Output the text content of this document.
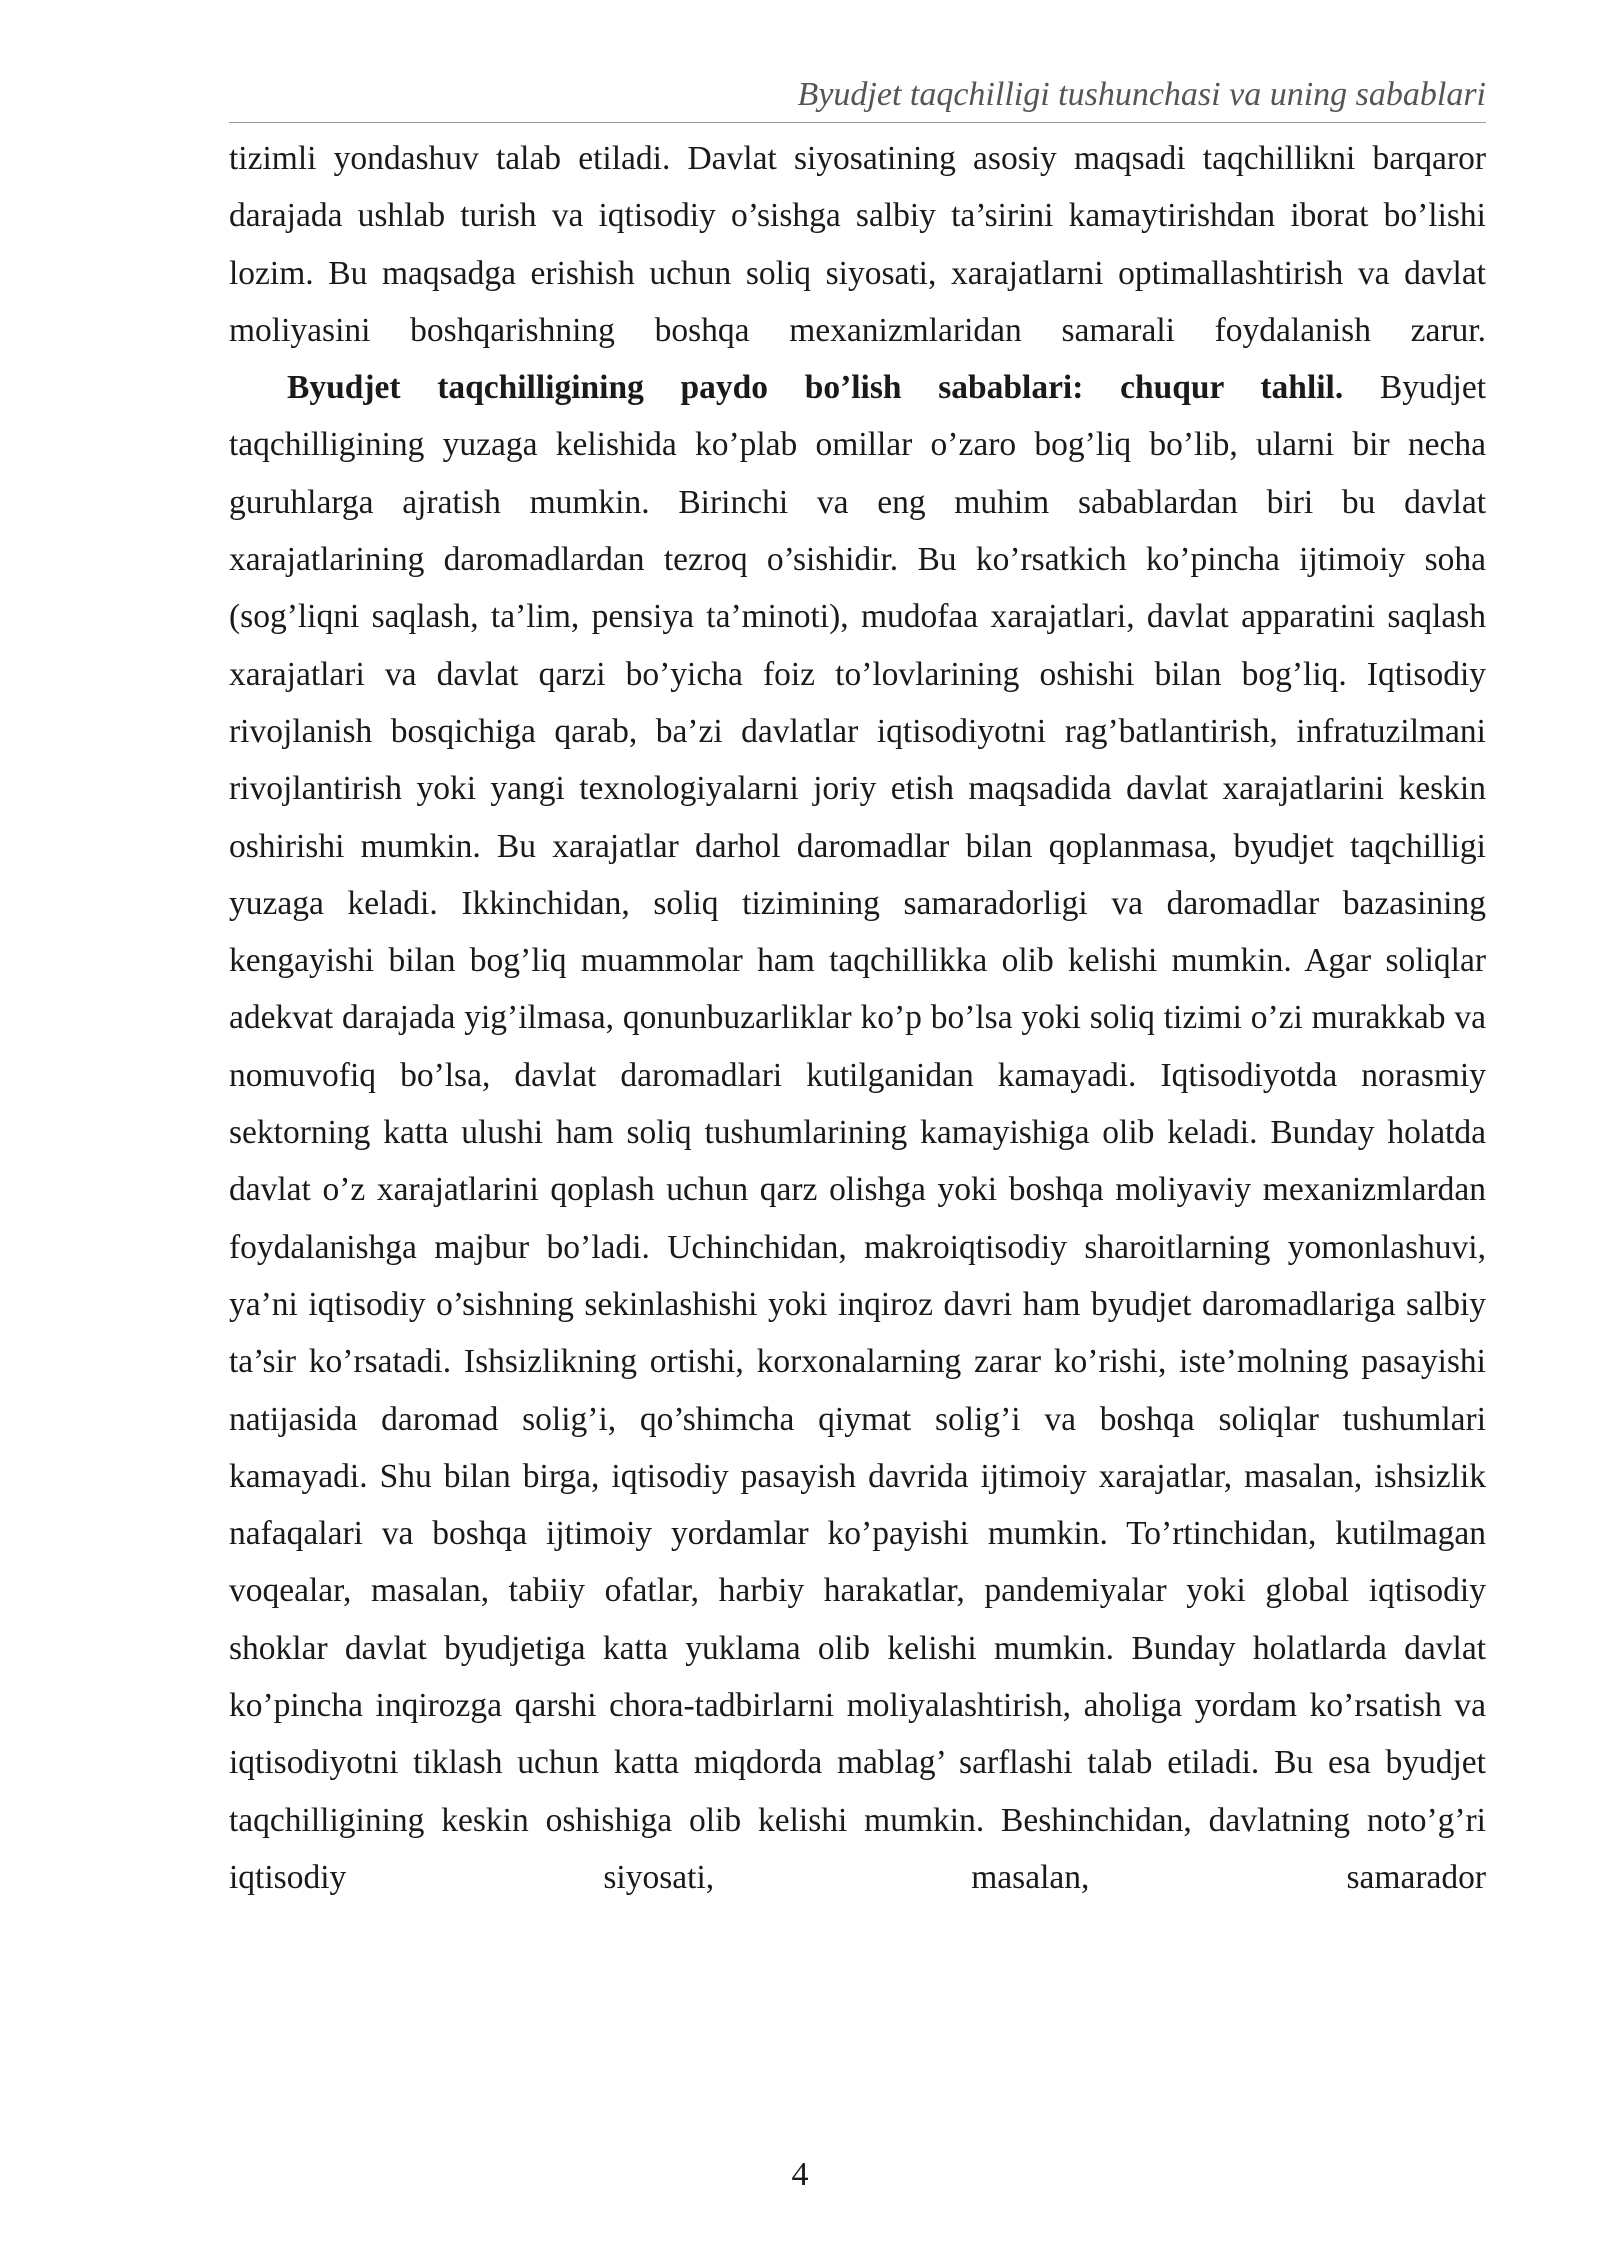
Byudjet taqchilligi tushunchasi va uning sabablari

tizimli yondashuv talab etiladi. Davlat siyosatining asosiy maqsadi taqchillikni barqaror darajada ushlab turish va iqtisodiy o’sishga salbiy ta’sirini kamaytirishdan iborat bo’lishi lozim. Bu maqsadga erishish uchun soliq siyosati, xarajatlarni optimallashtirish va davlat moliyasini boshqarishning boshqa mexanizmlaridan samarali foydalanish zarur.

Byudjet taqchilligining paydo bo’lish sabablari: chuqur tahlil. Byudjet taqchilligining yuzaga kelishida ko’plab omillar o’zaro bog’liq bo’lib, ularni bir necha guruhlarga ajratish mumkin. Birinchi va eng muhim sabablardan biri bu davlat xarajatlarining daromadlardan tezroq o’sishidir. Bu ko’rsatkich ko’pincha ijtimoiy soha (sog’liqni saqlash, ta’lim, pensiya ta’minoti), mudofaa xarajatlari, davlat apparatini saqlash xarajatlari va davlat qarzi bo’yicha foiz to’lovlarining oshishi bilan bog’liq. Iqtisodiy rivojlanish bosqichiga qarab, ba’zi davlatlar iqtisodiyotni rag’batlantirish, infratuzilmani rivojlantirish yoki yangi texnologiyalarni joriy etish maqsadida davlat xarajatlarini keskin oshirishi mumkin. Bu xarajatlar darhol daromadlar bilan qoplanmasa, byudjet taqchilligi yuzaga keladi. Ikkinchidan, soliq tizimining samaradorligi va daromadlar bazasining kengayishi bilan bog’liq muammolar ham taqchillikka olib kelishi mumkin. Agar soliqlar adekvat darajada yig’ilmasa, qonunbuzarliklar ko’p bo’lsa yoki soliq tizimi o’zi murakkab va nomuvofiq bo’lsa, davlat daromadlari kutilganidan kamayadi. Iqtisodiyotda norasmiy sektorning katta ulushi ham soliq tushumlarining kamayishiga olib keladi. Bunday holatda davlat o’z xarajatlarini qoplash uchun qarz olishga yoki boshqa moliyaviy mexanizmlardan foydalanishga majbur bo’ladi. Uchinchidan, makroiqtisodiy sharoitlarning yomonlashuvi, ya’ni iqtisodiy o’sishning sekinlashishi yoki inqiroz davri ham byudjet daromadlariga salbiy ta’sir ko’rsatadi. Ishsizlikning ortishi, korxonalarning zarar ko’rishi, iste’molning pasayishi natijasida daromad solig’i, qo’shimcha qiymat solig’i va boshqa soliqlar tushumlari kamayadi. Shu bilan birga, iqtisodiy pasayish davrida ijtimoiy xarajatlar, masalan, ishsizlik nafaqalari va boshqa ijtimoiy yordamlar ko’payishi mumkin. To’rtinchidan, kutilmagan voqealar, masalan, tabiiy ofatlar, harbiy harakatlar, pandemiyalar yoki global iqtisodiy shoklar davlat byudjetiga katta yuklama olib kelishi mumkin. Bunday holatlarda davlat ko’pincha inqirozga qarshi chora-tadbirlarni moliyalashtirish, aholiga yordam ko’rsatish va iqtisodiyotni tiklash uchun katta miqdorda mablag’ sarflashi talab etiladi. Bu esa byudjet taqchilligining keskin oshishiga olib kelishi mumkin. Beshinchidan, davlatning noto’g’ri iqtisodiy siyosati, masalan, samarador

4
